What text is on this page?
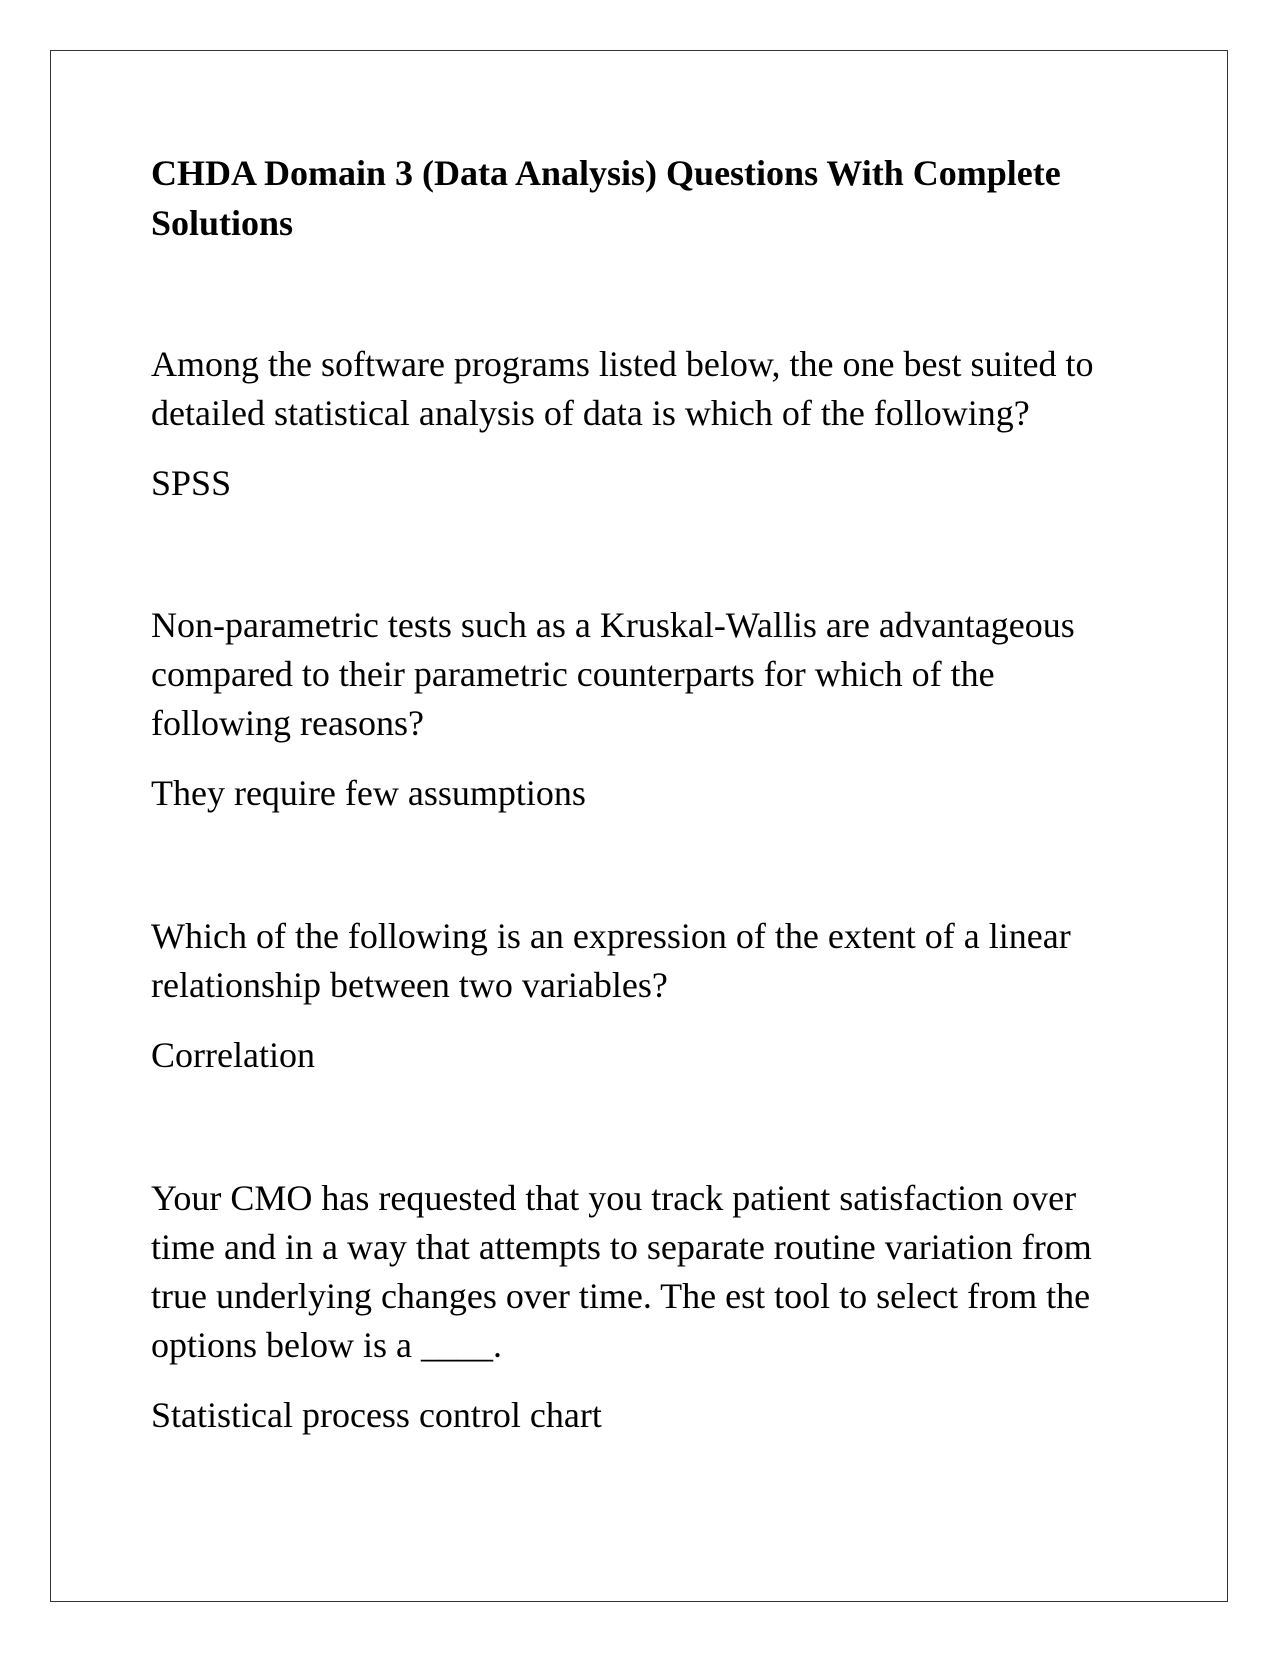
CHDA Domain 3 (Data Analysis) Questions With Complete Solutions

Among the software programs listed below, the one best suited to detailed statistical analysis of data is which of the following?

SPSS

Non-parametric tests such as a Kruskal-Wallis are advantageous compared to their parametric counterparts for which of the following reasons?

They require few assumptions

Which of the following is an expression of the extent of a linear relationship between two variables?

Correlation

Your CMO has requested that you track patient satisfaction over time and in a way that attempts to separate routine variation from true underlying changes over time. The est tool to select from the options below is a ____.

Statistical process control chart
